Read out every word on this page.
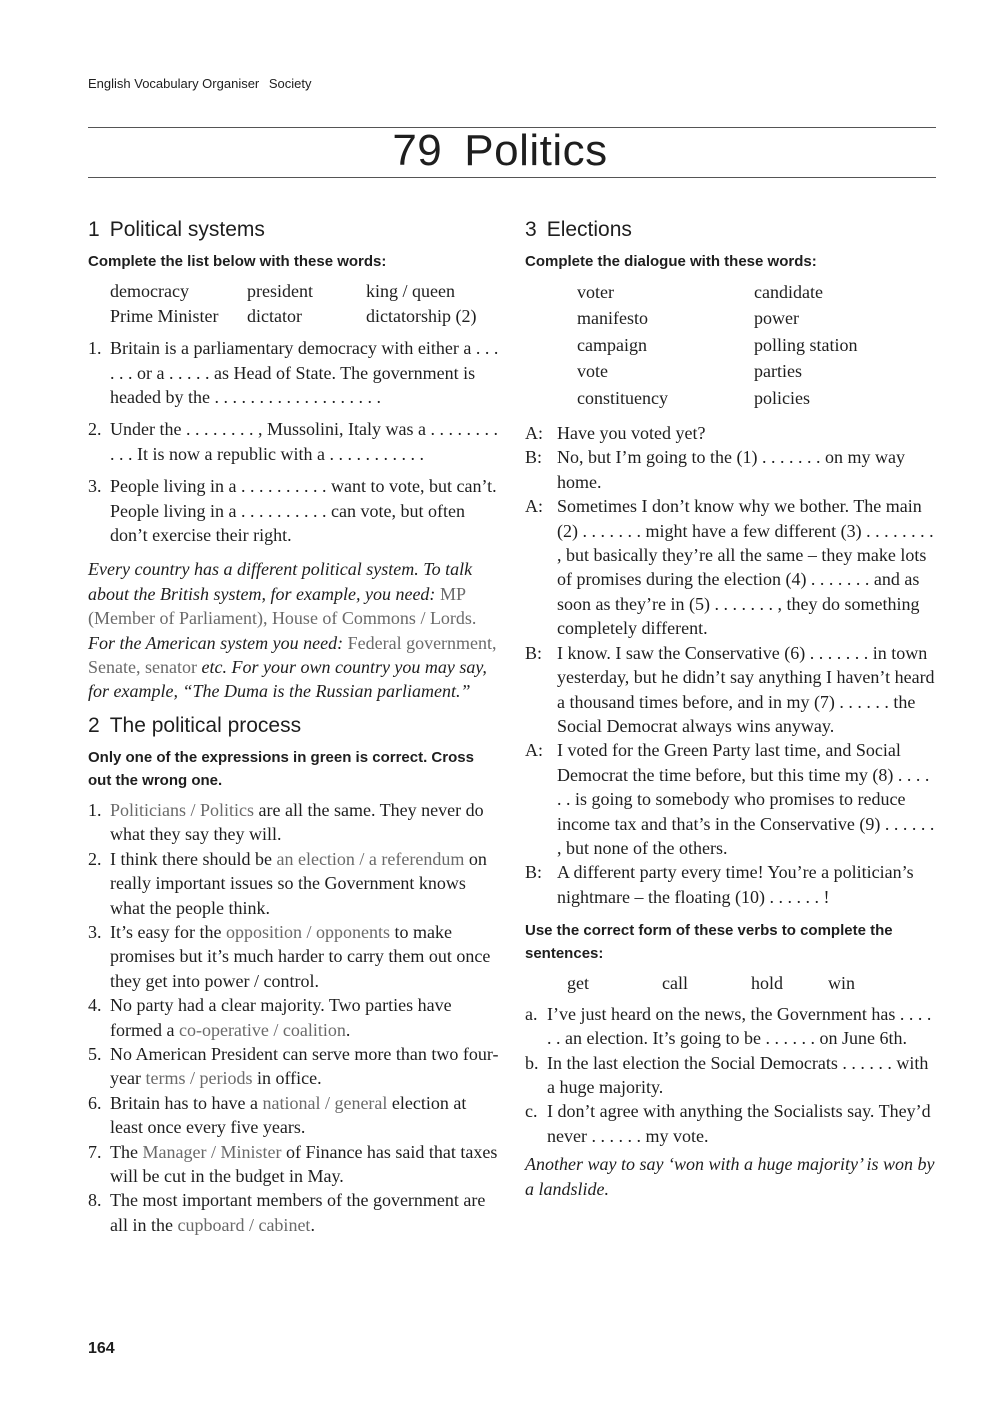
English Vocabulary Organiser Society
79 Politics
1 Political systems
Complete the list below with these words:
democracy	president	king / queen
Prime Minister	dictator	dictatorship (2)
1. Britain is a parliamentary democracy with either a . . . . . . or a . . . . . as Head of State. The government is headed by the . . . . . . . . . . . . . . . . . . .
2. Under the . . . . . . . . , Mussolini, Italy was a . . . . . . . . . . . It is now a republic with a . . . . . . . . . . .
3. People living in a . . . . . . . . . . want to vote, but can’t. People living in a . . . . . . . . . . can vote, but often don’t exercise their right.
Every country has a different political system. To talk about the British system, for example, you need: MP (Member of Parliament), House of Commons / Lords. For the American system you need: Federal government, Senate, senator etc. For your own country you may say, for example, “The Duma is the Russian parliament.”
2 The political process
Only one of the expressions in green is correct. Cross out the wrong one.
1. Politicians / Politics are all the same. They never do what they say they will.
2. I think there should be an election / a referendum on really important issues so the Government knows what the people think.
3. It’s easy for the opposition / opponents to make promises but it’s much harder to carry them out once they get into power / control.
4. No party had a clear majority. Two parties have formed a co-operative / coalition.
5. No American President can serve more than two four-year terms / periods in office.
6. Britain has to have a national / general election at least once every five years.
7. The Manager / Minister of Finance has said that taxes will be cut in the budget in May.
8. The most important members of the government are all in the cupboard / cabinet.
3 Elections
Complete the dialogue with these words:
voter	candidate
manifesto	power
campaign	polling station
vote	parties
constituency	policies
A: Have you voted yet?
B: No, but I’m going to the (1) . . . . . . . on my way home.
A: Sometimes I don’t know why we bother. The main (2) . . . . . . . might have a few different (3) . . . . . . . . , but basically they’re all the same – they make lots of promises during the election (4) . . . . . . . and as soon as they’re in (5) . . . . . . . , they do something completely different.
B: I know. I saw the Conservative (6) . . . . . . . in town yesterday, but he didn’t say anything I haven’t heard a thousand times before, and in my (7) . . . . . . the Social Democrat always wins anyway.
A: I voted for the Green Party last time, and Social Democrat the time before, but this time my (8) . . . . . . is going to somebody who promises to reduce income tax and that’s in the Conservative (9) . . . . . . , but none of the others.
B: A different party every time! You’re a politician’s nightmare – the floating (10) . . . . . . !
Use the correct form of these verbs to complete the sentences:
get	call	hold	win
a. I’ve just heard on the news, the Government has . . . . . . an election. It’s going to be . . . . . . on June 6th.
b. In the last election the Social Democrats . . . . . . with a huge majority.
c. I don’t agree with anything the Socialists say. They’d never . . . . . . my vote.
Another way to say ‘won with a huge majority’ is won by a landslide.
164
